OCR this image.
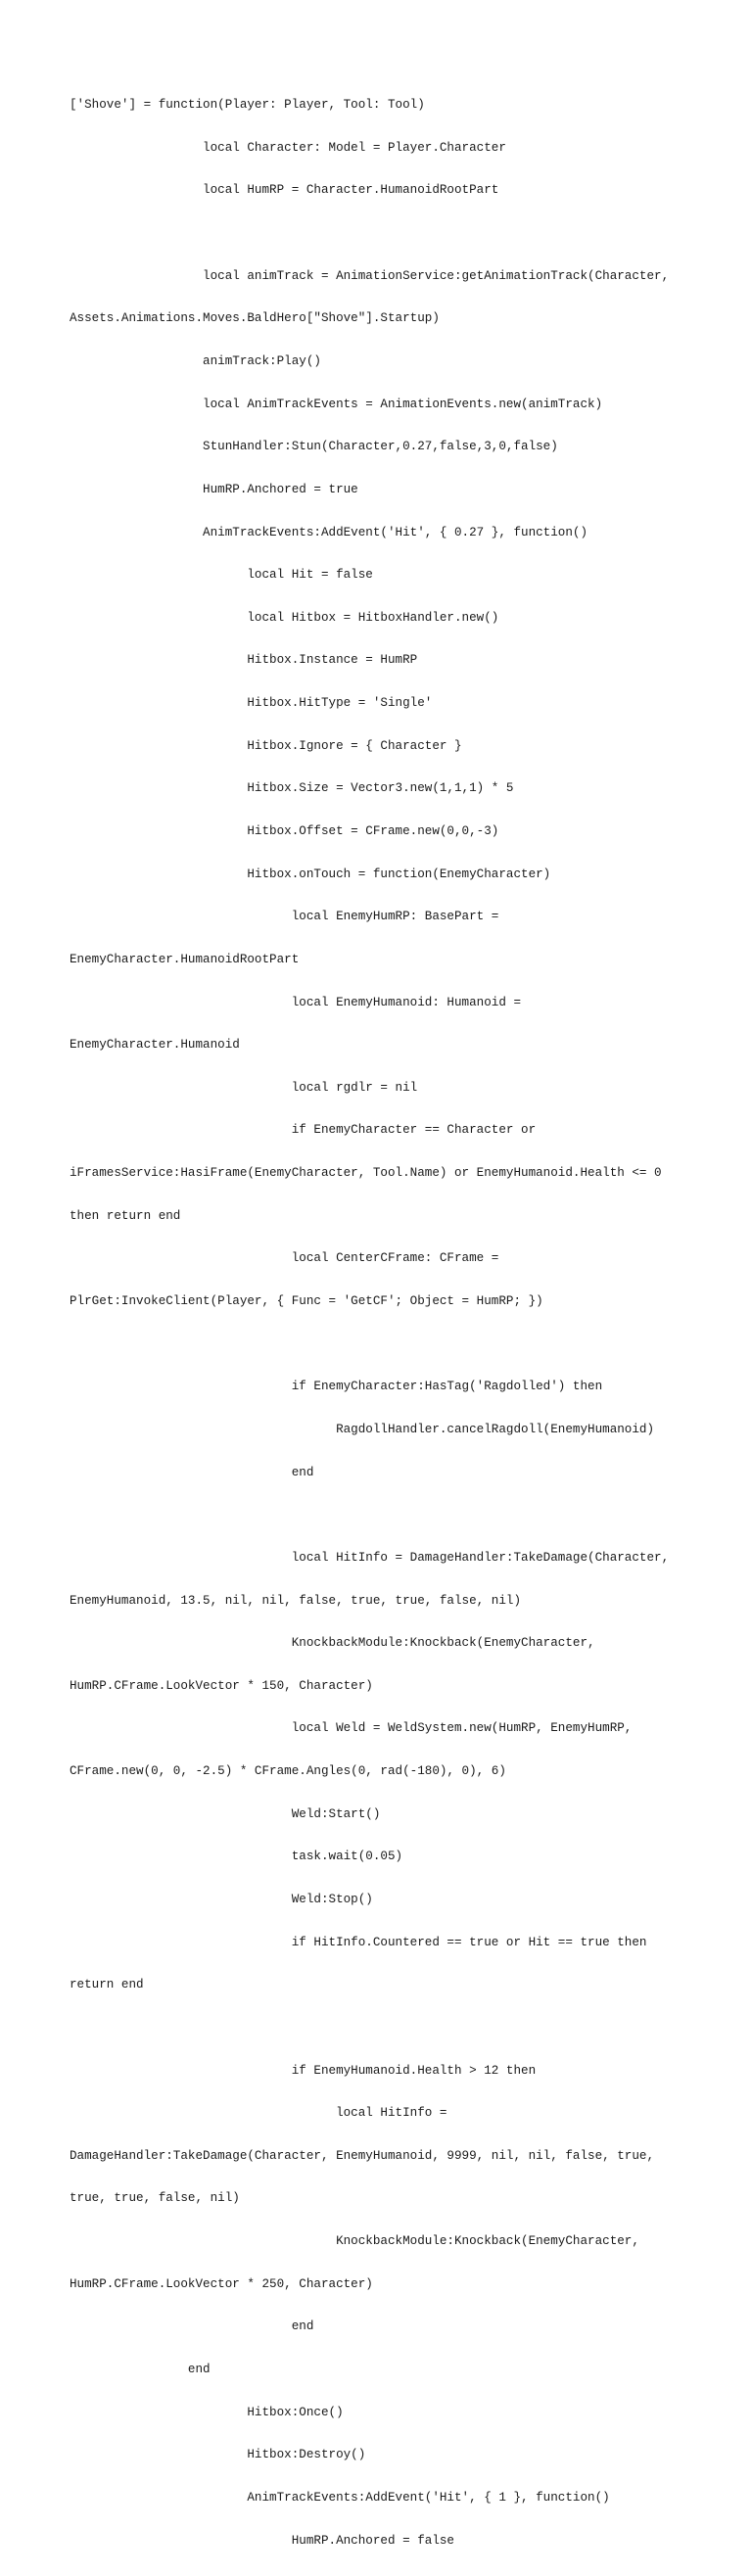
['Shove'] = function(Player: Player, Tool: Tool)

local Character: Model = Player.Character

local HumRP = Character.HumanoidRootPart

local animTrack = AnimationService:getAnimationTrack(Character,

Assets.Animations.Moves.BaldHero["Shove"].Startup)

animTrack:Play()

local AnimTrackEvents = AnimationEvents.new(animTrack)

StunHandler:Stun(Character,0.27,false,3,0,false)

HumRP.Anchored = true

AnimTrackEvents:AddEvent('Hit', { 0.27 }, function()

local Hit = false

local Hitbox = HitboxHandler.new()

Hitbox.Instance = HumRP

Hitbox.HitType = 'Single'

Hitbox.Ignore = { Character }

Hitbox.Size = Vector3.new(1,1,1) * 5

Hitbox.Offset = CFrame.new(0,0,-3)

Hitbox.onTouch = function(EnemyCharacter)

local EnemyHumRP: BasePart =

EnemyCharacter.HumanoidRootPart

local EnemyHumanoid: Humanoid =

EnemyCharacter.Humanoid

local rgdlr = nil

if EnemyCharacter == Character or

iFramesService:HasiFrame(EnemyCharacter, Tool.Name) or EnemyHumanoid.Health <= 0

then return end

local CenterCFrame: CFrame =

PlrGet:InvokeClient(Player, { Func = 'GetCF'; Object = HumRP; })

if EnemyCharacter:HasTag('Ragdolled') then

RagdollHandler.cancelRagdoll(EnemyHumanoid)

end

local HitInfo = DamageHandler:TakeDamage(Character,

EnemyHumanoid, 13.5, nil, nil, false, true, true, false, nil)

KnockbackModule:Knockback(EnemyCharacter,

HumRP.CFrame.LookVector * 150, Character)

local Weld = WeldSystem.new(HumRP, EnemyHumRP,

CFrame.new(0, 0, -2.5) * CFrame.Angles(0, rad(-180), 0), 6)

Weld:Start()

task.wait(0.05)

Weld:Stop()

if HitInfo.Countered == true or Hit == true then

return end

if EnemyHumanoid.Health > 12 then

local HitInfo =

DamageHandler:TakeDamage(Character, EnemyHumanoid, 9999, nil, nil, false, true,

true, true, false, nil)

KnockbackModule:Knockback(EnemyCharacter,

HumRP.CFrame.LookVector * 250, Character)

end

end

Hitbox:Once()

Hitbox:Destroy()

AnimTrackEvents:AddEvent('Hit', { 1 }, function()

HumRP.Anchored = false
